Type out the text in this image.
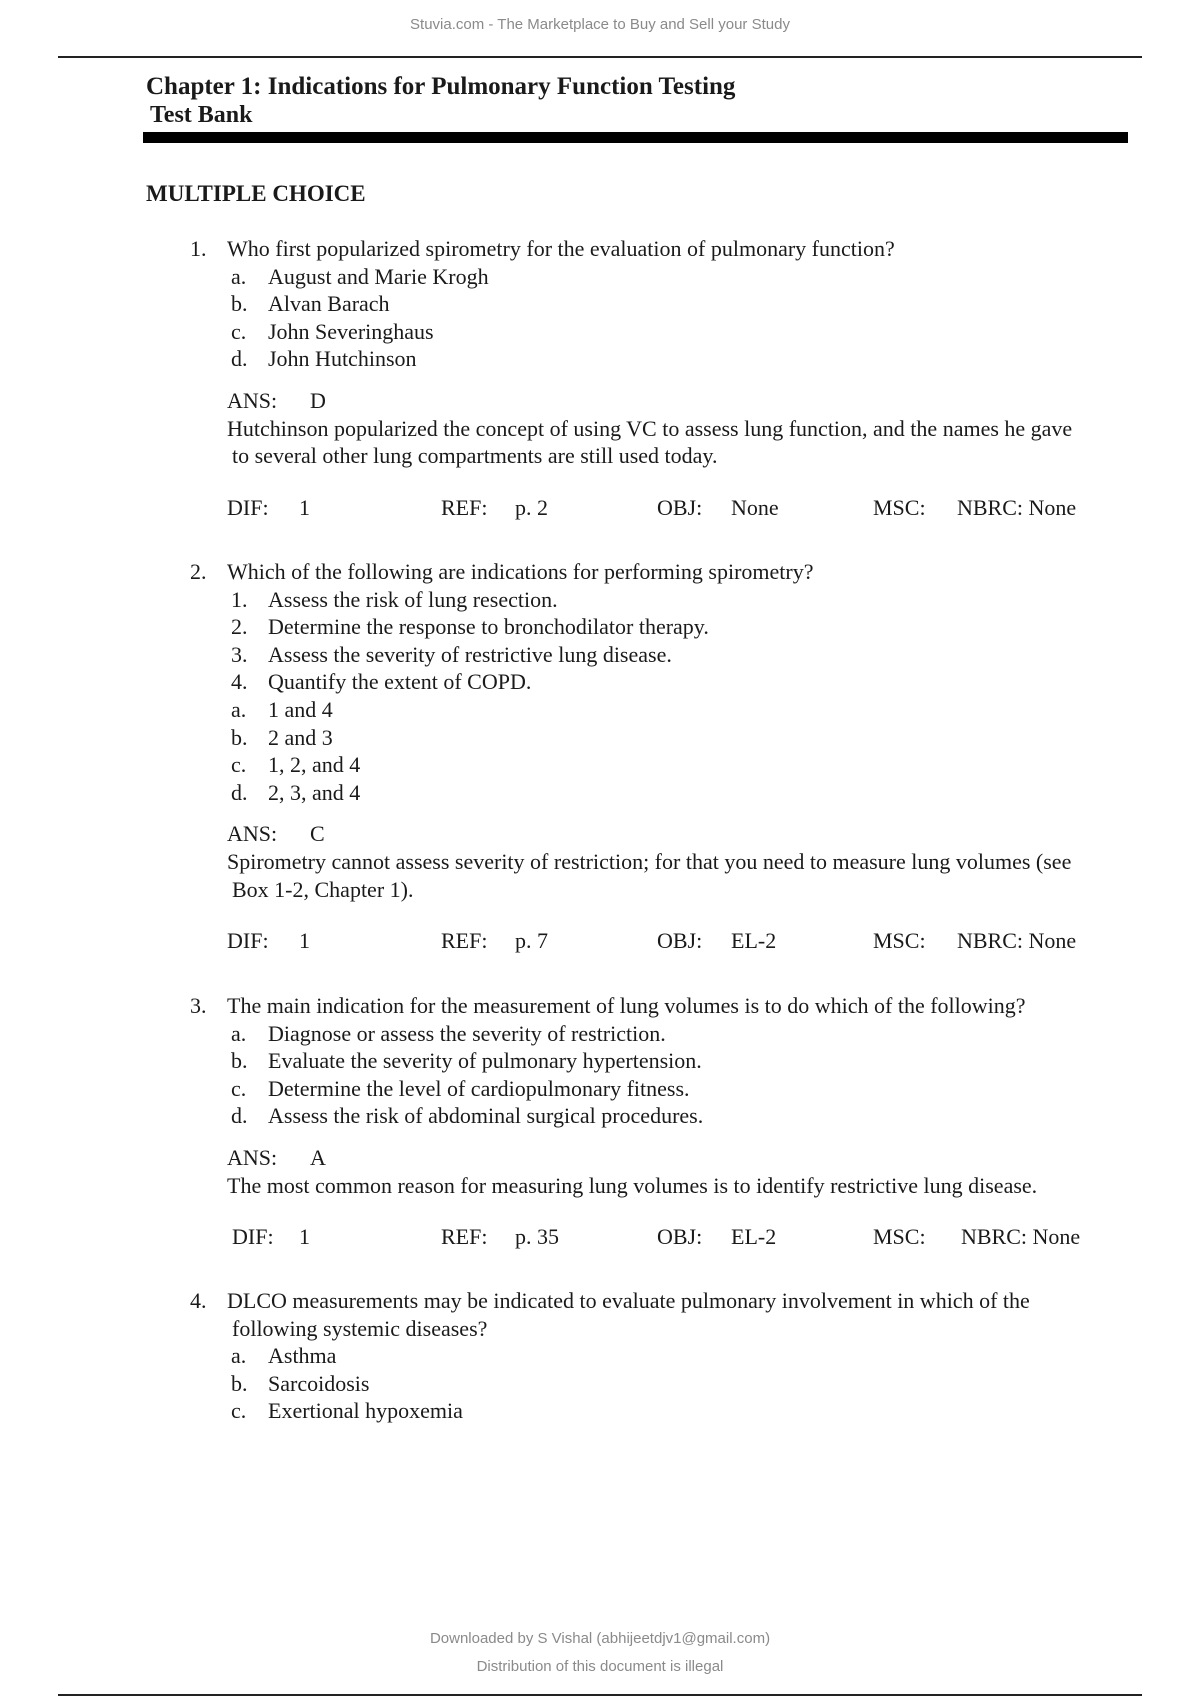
Stuvia.com - The Marketplace to Buy and Sell your Study
Chapter 1: Indications for Pulmonary Function Testing
Test Bank
MULTIPLE CHOICE
1. Who first popularized spirometry for the evaluation of pulmonary function?
a. August and Marie Krogh
b. Alvan Barach
c. John Severinghaus
d. John Hutchinson
ANS: D
Hutchinson popularized the concept of using VC to assess lung function, and the names he gave
to several other lung compartments are still used today.
DIF: 1	REF: p. 2	OBJ: None	MSC: NBRC: None
2. Which of the following are indications for performing spirometry?
1. Assess the risk of lung resection.
2. Determine the response to bronchodilator therapy.
3. Assess the severity of restrictive lung disease.
4. Quantify the extent of COPD.
a. 1 and 4
b. 2 and 3
c. 1, 2, and 4
d. 2, 3, and 4
ANS: C
Spirometry cannot assess severity of restriction; for that you need to measure lung volumes (see
Box 1-2, Chapter 1).
DIF: 1	REF: p. 7	OBJ: EL-2	MSC: NBRC: None
3. The main indication for the measurement of lung volumes is to do which of the following?
a. Diagnose or assess the severity of restriction.
b. Evaluate the severity of pulmonary hypertension.
c. Determine the level of cardiopulmonary fitness.
d. Assess the risk of abdominal surgical procedures.
ANS: A
The most common reason for measuring lung volumes is to identify restrictive lung disease.
DIF: 1	REF: p. 35	OBJ: EL-2	MSC: NBRC: None
4. DLCO measurements may be indicated to evaluate pulmonary involvement in which of the
following systemic diseases?
a. Asthma
b. Sarcoidosis
c. Exertional hypoxemia
Downloaded by S Vishal (abhijeetdjv1@gmail.com)
Distribution of this document is illegal
